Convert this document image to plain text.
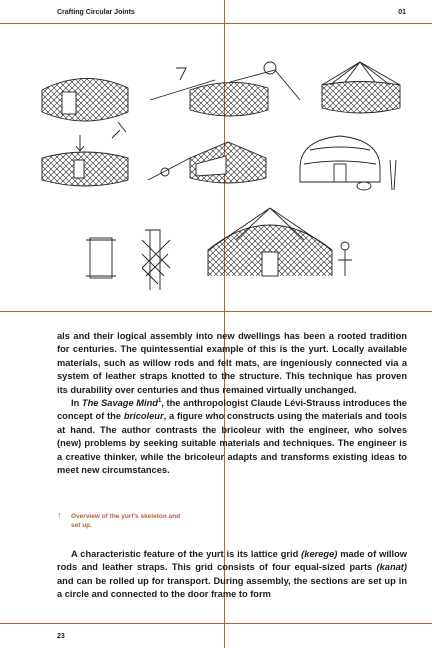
Crafting Circular Joints	01

als and their logical assembly into new dwellings has been a rooted tradition for centuries. The quintessential example of this is the yurt. Locally available materials, such as willow rods and felt mats, are ingeniously connected via a system of leather straps knotted to the structure. This technique has proven its durability over centuries and thus remained virtually unchanged.
In The Savage Mind$^1$, the anthropologist Claude Lévi-Strauss introduces the concept of the bricoleur, a figure who constructs using the materials and tools at hand. The author contrasts the bricoleur with the engineer, who solves (new) problems by seeking suitable materials and techniques. The engineer is a creative thinker, while the bricoleur adapts and transforms existing ideas to meet new circumstances.

↑ Overview of the yurt's skeleton and set up.

A characteristic feature of the yurt is its lattice grid (kerege) made of willow rods and leather straps. This grid consists of four equal-sized parts (kanat) and can be rolled up for transport. During assembly, the sections are set up in a circle and connected to the door frame to form

23
